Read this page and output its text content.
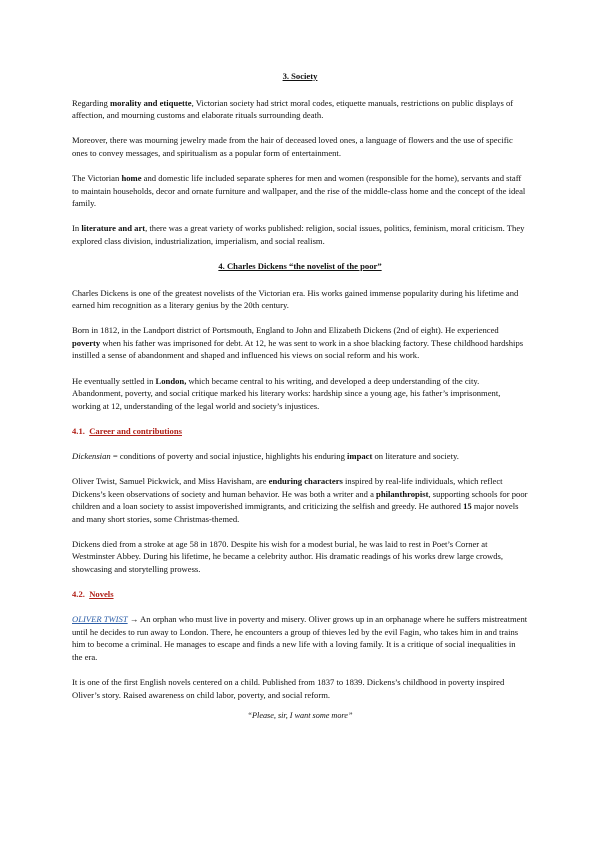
3. Society

Regarding morality and etiquette, Victorian society had strict moral codes, etiquette manuals, restrictions on public displays of affection, and mourning customs and elaborate rituals surrounding death.

Moreover, there was mourning jewelry made from the hair of deceased loved ones, a language of flowers and the use of specific ones to convey messages, and spiritualism as a popular form of entertainment.

The Victorian home and domestic life included separate spheres for men and women (responsible for the home), servants and staff to maintain households, decor and ornate furniture and wallpaper, and the rise of the middle-class home and the concept of the ideal family.

In literature and art, there was a great variety of works published: religion, social issues, politics, feminism, moral criticism. They explored class division, industrialization, imperialism, and social realism.

4. Charles Dickens “the novelist of the poor”

Charles Dickens is one of the greatest novelists of the Victorian era. His works gained immense popularity during his lifetime and earned him recognition as a literary genius by the 20th century.

Born in 1812, in the Landport district of Portsmouth, England to John and Elizabeth Dickens (2nd of eight). He experienced poverty when his father was imprisoned for debt. At 12, he was sent to work in a shoe blacking factory. These childhood hardships instilled a sense of abandonment and shaped and influenced his views on social reform and his work.

He eventually settled in London, which became central to his writing, and developed a deep understanding of the city. Abandonment, poverty, and social critique marked his literary works: hardship since a young age, his father’s imprisonment, working at 12, understanding of the legal world and society’s injustices.

4.1. Career and contributions

Dickensian = conditions of poverty and social injustice, highlights his enduring impact on literature and society.

Oliver Twist, Samuel Pickwick, and Miss Havisham, are enduring characters inspired by real-life individuals, which reflect Dickens’s keen observations of society and human behavior. He was both a writer and a philanthropist, supporting schools for poor children and a loan society to assist impoverished immigrants, and criticizing the selfish and greedy. He authored 15 major novels and many short stories, some Christmas-themed.

Dickens died from a stroke at age 58 in 1870. Despite his wish for a modest burial, he was laid to rest in Poet’s Corner at Westminster Abbey. During his lifetime, he became a celebrity author. His dramatic readings of his works drew large crowds, showcasing and storytelling prowess.

4.2. Novels

OLIVER TWIST → An orphan who must live in poverty and misery. Oliver grows up in an orphanage where he suffers mistreatment until he decides to run away to London. There, he encounters a group of thieves led by the evil Fagin, who takes him in and trains him to become a criminal. He manages to escape and finds a new life with a loving family. It is a critique of social inequalities in the era.

It is one of the first English novels centered on a child. Published from 1837 to 1839. Dickens’s childhood in poverty inspired Oliver’s story. Raised awareness on child labor, poverty, and social reform.

“Please, sir, I want some more”
